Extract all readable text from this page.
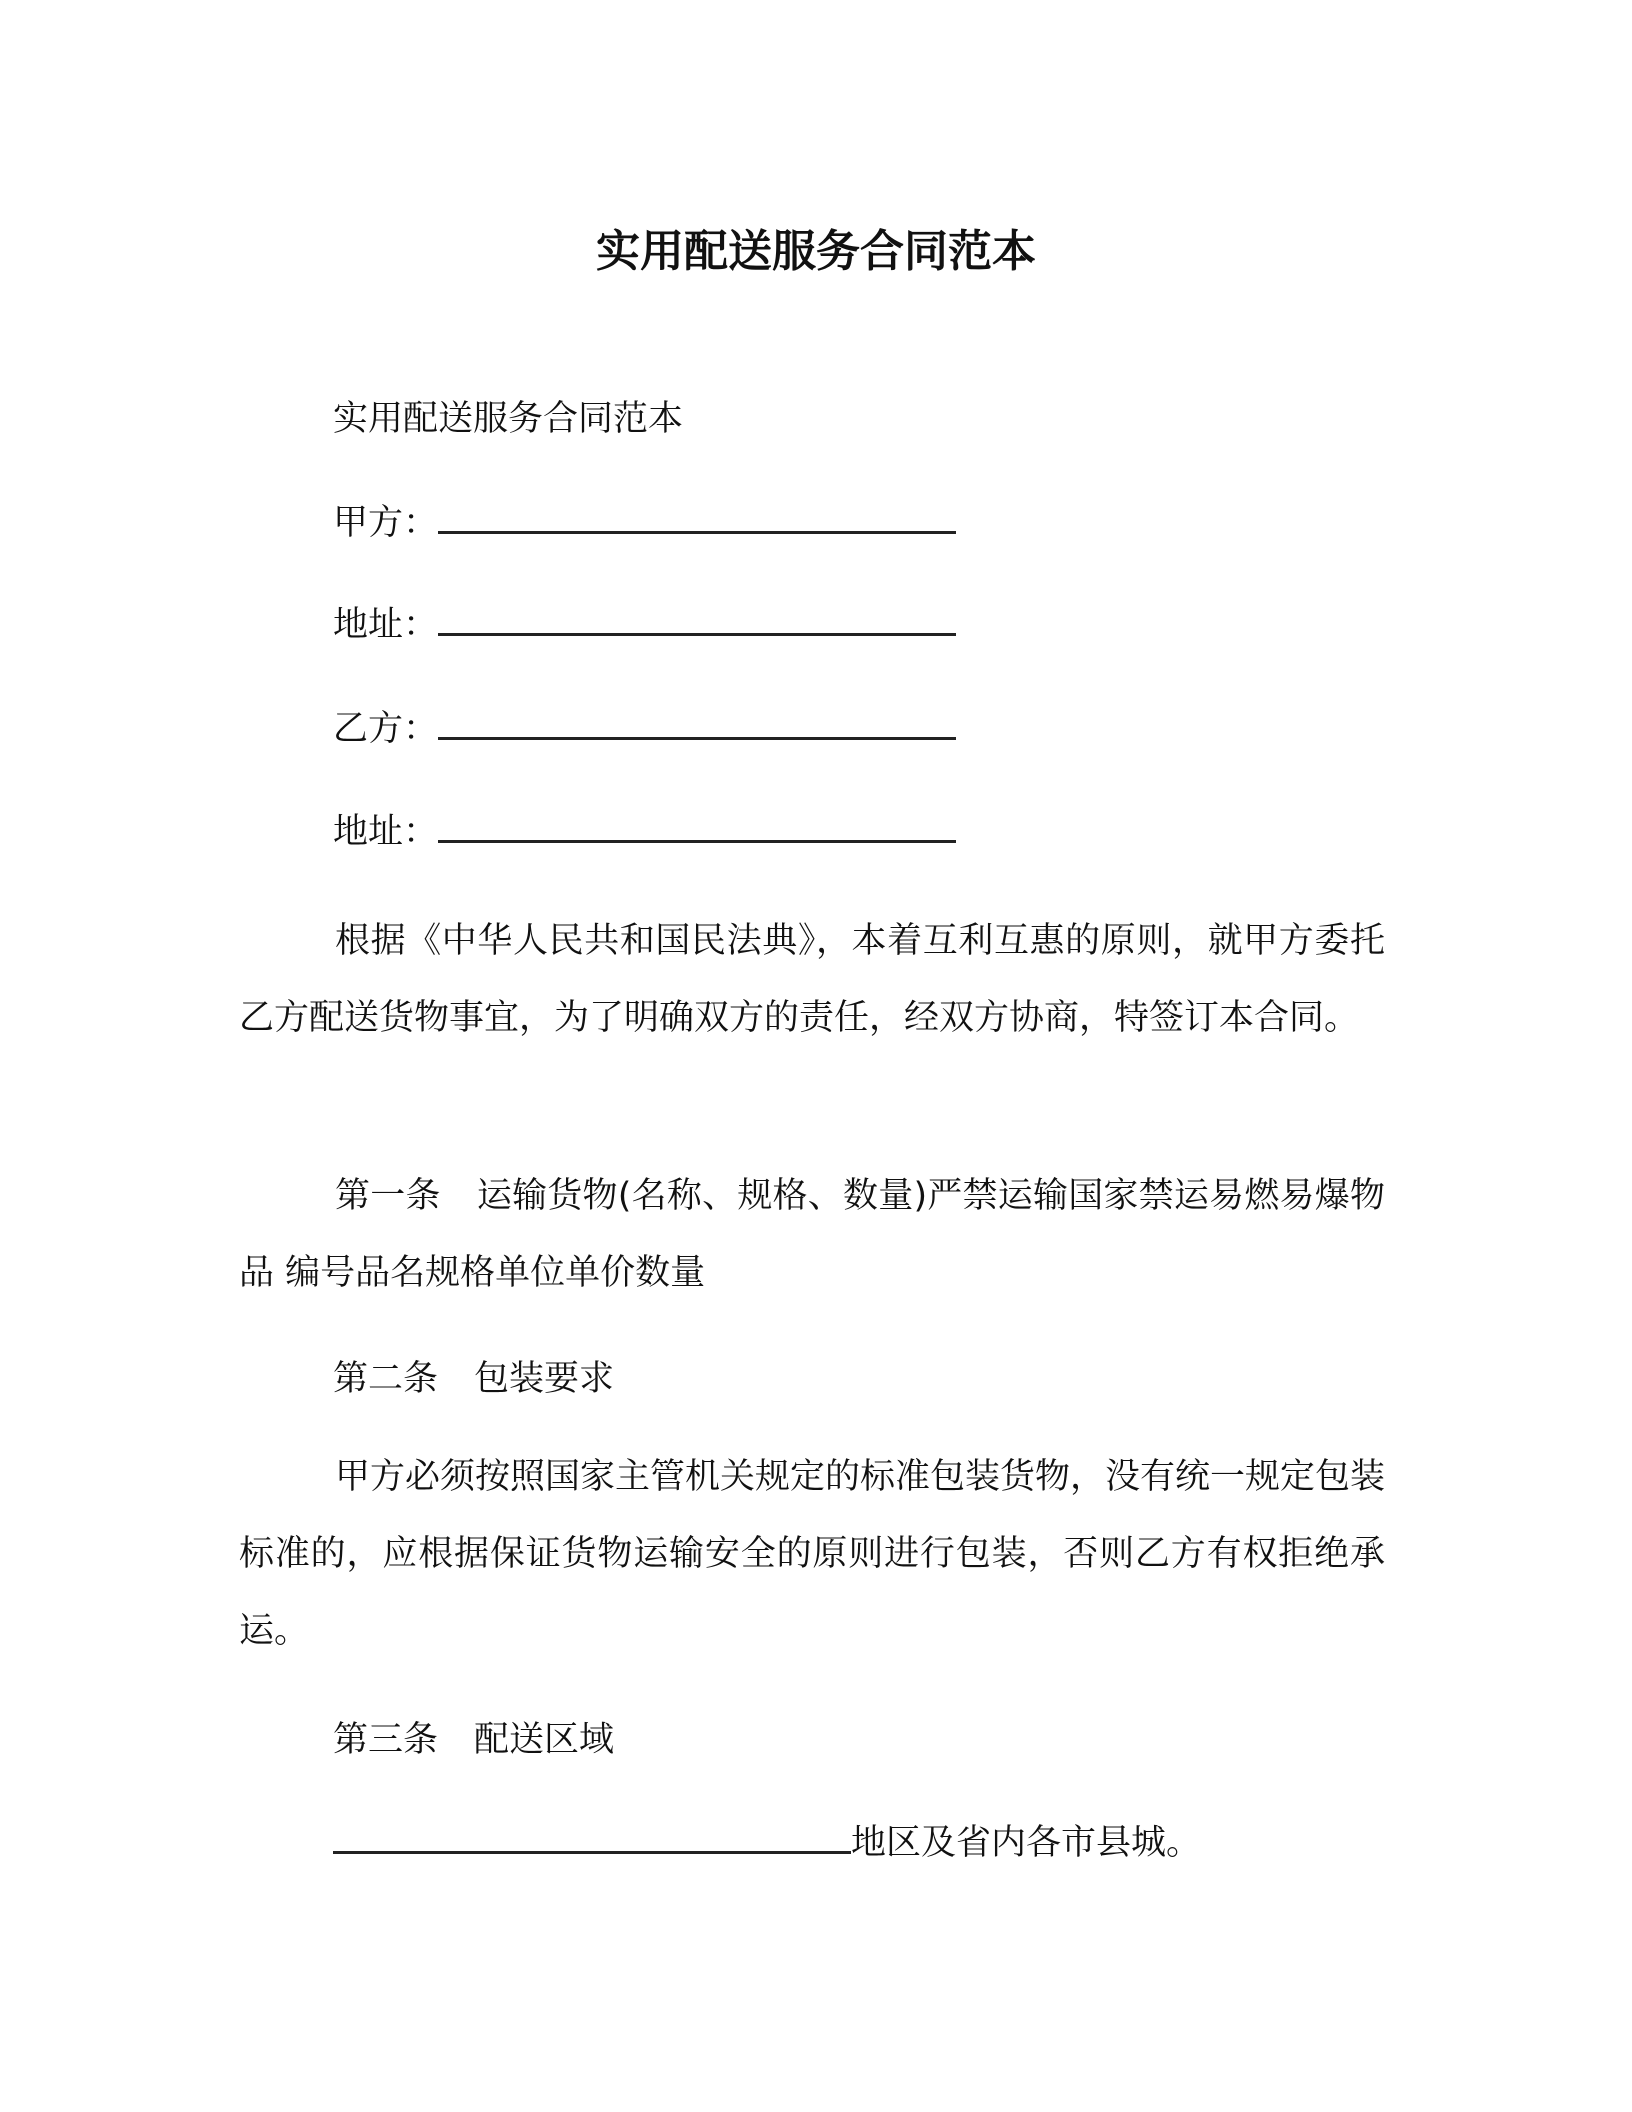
实用配送服务合同范本
实用配送服务合同范本
甲方：
地址：
乙方：
地址：
根据《中华人民共和国民法典》，本着互利互惠的原则，就甲方委托乙方配送货物事宜，为了明确双方的责任，经双方协商，特签订本合同。
第一条 运输货物(名称、规格、数量)严禁运输国家禁运易燃易爆物品 编号品名规格单位单价数量
第二条 包装要求
甲方必须按照国家主管机关规定的标准包装货物，没有统一规定包装标准的，应根据保证货物运输安全的原则进行包装，否则乙方有权拒绝承运。
第三条 配送区域
地区及省内各市县城。
